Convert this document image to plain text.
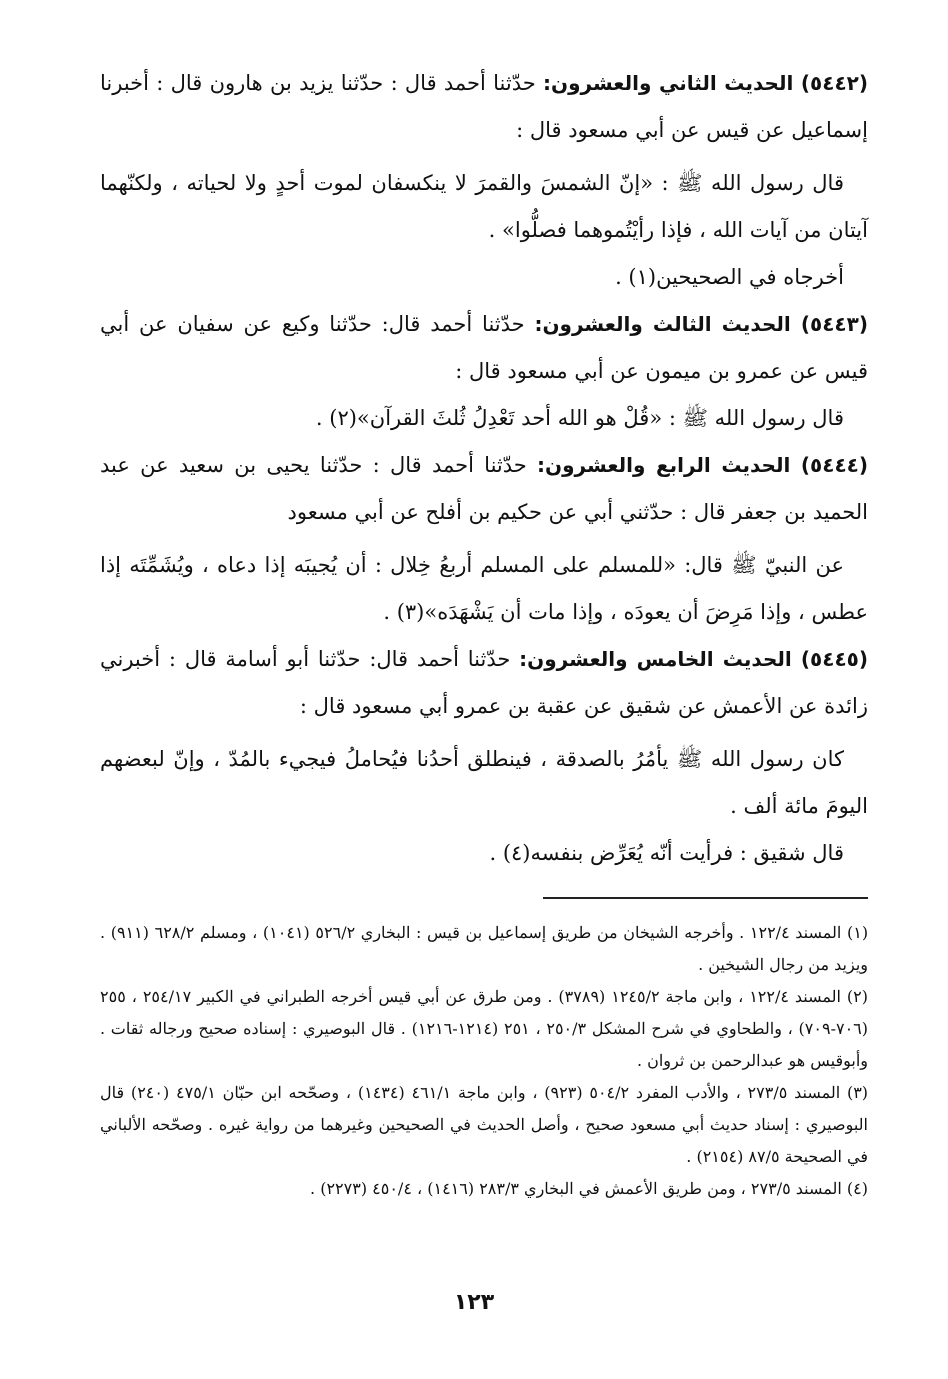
(٥٤٤٢) الحديث الثاني والعشرون: حدّثنا أحمد قال : حدّثنا يزيد بن هارون قال : أخبرنا إسماعيل عن قيس عن أبي مسعود قال :

قال رسول الله ﷺ : «إنّ الشمسَ والقمرَ لا ينكسفان لموت أحدٍ ولا لحياته ، ولكنّهما آيتان من آيات الله ، فإذا رأيْتُموهما فصلُّوا» .

أخرجاه في الصحيحين(١) .

(٥٤٤٣) الحديث الثالث والعشرون: حدّثنا أحمد قال: حدّثنا وكيع عن سفيان عن أبي قيس عن عمرو بن ميمون عن أبي مسعود قال :

قال رسول الله ﷺ : «قُلْ هو الله أحد تَعْدِلُ ثُلثَ القرآن»(٢) .

(٥٤٤٤) الحديث الرابع والعشرون: حدّثنا أحمد قال : حدّثنا يحيى بن سعيد عن عبد الحميد بن جعفر قال : حدّثني أبي عن حكيم بن أفلح عن أبي مسعود

عن النبيّ ﷺ قال: «للمسلم على المسلم أربعُ خِلال : أن يُجيبَه إذا دعاه ، ويُشَمِّتَه إذا عطس ، وإذا مَرِضَ أن يعودَه ، وإذا مات أن يَشْهَدَه»(٣) .

(٥٤٤٥) الحديث الخامس والعشرون: حدّثنا أحمد قال: حدّثنا أبو أسامة قال : أخبرني زائدة عن الأعمش عن شقيق عن عقبة بن عمرو أبي مسعود قال :

كان رسول الله ﷺ يأمُرُ بالصدقة ، فينطلق أحدُنا فيُحاملُ فيجيء بالمُدّ ، وإنّ لبعضهم اليومَ مائة ألف .

قال شقيق : فرأيت أنّه يُعَرِّض بنفسه(٤) .

(١) المسند ١٢٢/٤ . وأخرجه الشيخان من طريق إسماعيل بن قيس : البخاري ٥٢٦/٢ (١٠٤١) ، ومسلم ٦٢٨/٢ (٩١١) . ويزيد من رجال الشيخين .

(٢) المسند ١٢٢/٤ ، وابن ماجة ١٢٤٥/٢ (٣٧٨٩) . ومن طرق عن أبي قيس أخرجه الطبراني في الكبير ٢٥٤/١٧ ، ٢٥٥ (٧٠٦-٧٠٩) ، والطحاوي في شرح المشكل ٢٥٠/٣ ، ٢٥١ (١٢١٤-١٢١٦) . قال البوصيري : إسناده صحيح ورجاله ثقات . وأبوقيس هو عبدالرحمن بن ثروان .

(٣) المسند ٢٧٣/٥ ، والأدب المفرد ٥٠٤/٢ (٩٢٣) ، وابن ماجة ٤٦١/١ (١٤٣٤) ، وصحّحه ابن حبّان ٤٧٥/١ (٢٤٠) قال البوصيري : إسناد حديث أبي مسعود صحيح ، وأصل الحديث في الصحيحين وغيرهما من رواية غيره . وصحّحه الألباني في الصحيحة ٨٧/٥ (٢١٥٤) .

(٤) المسند ٢٧٣/٥ ، ومن طريق الأعمش في البخاري ٢٨٣/٣ (١٤١٦) ، ٤٥٠/٤ (٢٢٧٣) .

١٢٣
